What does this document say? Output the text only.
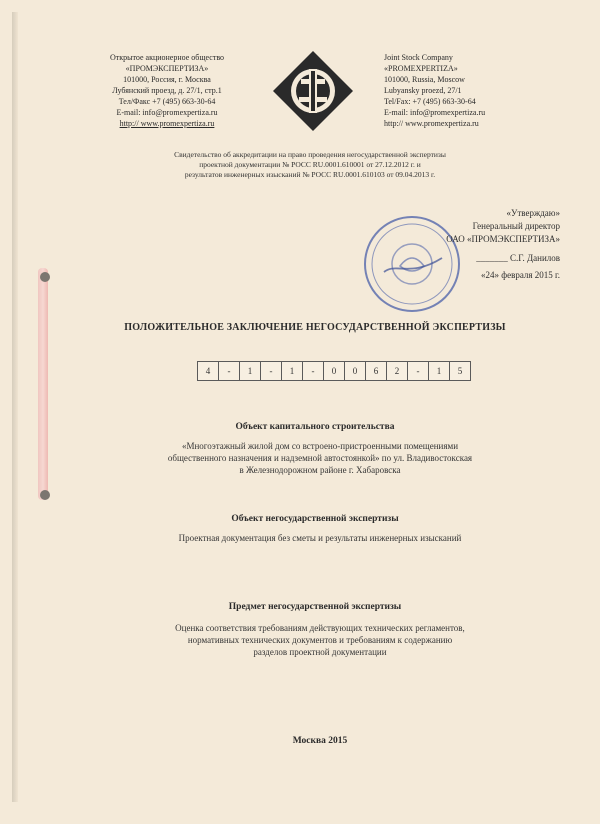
Открытое акционерное общество
«ПРОМЭКСПЕРТИЗА»
101000, Россия, г. Москва
Лубянский проезд, д. 27/1, стр.1
Тел/Факс +7 (495) 663-30-64
E-mail: info@promexpertiza.ru
http:// www.promexpertiza.ru
Joint Stock Company
«PROMEXPERTIZA»
101000, Russia, Moscow
Lubyansky proezd, 27/1
Tel/Fax: +7 (495) 663-30-64
E-mail: info@promexpertiza.ru
http:// www.promexpertiza.ru
Свидетельство об аккредитации на право проведения негосударственной экспертизы
проектной документации № РОСС RU.0001.610001 от 27.12.2012 г. и
результатов инженерных изысканий № РОСС RU.0001.610103 от 09.04.2013 г.
«Утверждаю»
Генеральный директор
ОАО «ПРОМЭКСПЕРТИЗА»
_______ С.Г. Данилов
«24» февраля 2015 г.
ПОЛОЖИТЕЛЬНОЕ ЗАКЛЮЧЕНИЕ НЕГОСУДАРСТВЕННОЙ ЭКСПЕРТИЗЫ
4	-	1	-	1	-	0	0	6	2	-	1	5
Объект капитального строительства
«Многоэтажный жилой дом со встроено-пристроенными помещениями
общественного назначения и надземной автостоянкой» по ул. Владивостокская
в Железнодорожном районе г. Хабаровска
Объект негосударственной экспертизы
Проектная документация без сметы и результаты инженерных изысканий
Предмет негосударственной экспертизы
Оценка соответствия требованиям действующих технических регламентов,
нормативных технических документов и требованиям к содержанию
разделов проектной документации
Москва 2015
